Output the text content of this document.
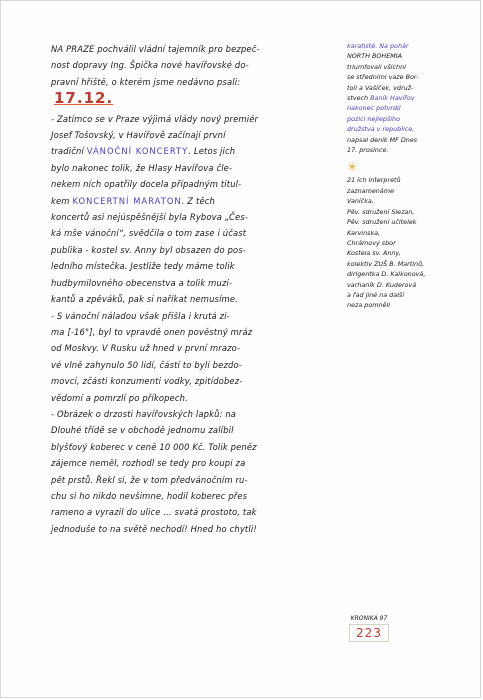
NA PRAZE pochválil vládní tajemník pro bezpeč-
nost dopravy Ing. Špička nové havířovské do-
pravní hřiště, o kterém jsme nedávno psali:
17.12.

- Zatímco se v Praze výjimá vlády nový premiér
Josef Tošovský, v Havířově začínají první
tradiční VÁNOČNÍ KONCERTY. Letos jich
bylo nakonec tolik, že Hlasy Havířova čle-
nekem ních opatřily docela případným titul-
kem KONCERTNÍ MARATON. Z těch
koncertů asi nejúspěšnější byla Rybova „Čes-
ká mše vánoční“, svědčila o tom zase i účast
publika - kostel sv. Anny byl obsazen do pos-
ledního místečka. Jestliže tedy máme tolik
hudbymilovného obecenstva a tolik muzi-
kantů a zpěváků, pak si naříkat nemusíme.

- S vánoční náladou však přišla i krutá zi-
ma [-16°], byl to vpravdě onen pověstný mráz
od Moskvy. V Rusku už hned v první mrazo-
vé vlně zahynulo 50 lidí, částí to byli bezdo-
movci, zčásti konzumenti vodky, zpitídobez-
vědomí a pomrzlí po příkopech.

- Obrázek o drzosti havířovských lapků: na
Dlouhé třídě se v obchodě jednomu zalíbil
blyšťový koberec v ceně 10 000 Kč. Tolik peněz
zájemce neměl, rozhodl se tedy pro koupi za
pět prstů. Řekl si, že v tom předvánočním ru-
chu si ho nikdo nevšimne, hodil koberec přes
rameno a vyrazil do ulice ... svatá prostoto, tak
jednoduše to na světě nechodí! Hned ho chytli!

karatisté. Na pohár
NORTH BOHEMIA
triumfovali všichni
se středními vaze Bor-
toli a Vašíček, vdruž-
stvech Baník Havířov
nakonec potvrdil
pozici nejlepšího
družstva v republice,
napsal deník MF Dnes
17. prosince.

✳

21 ích interpretů
zaznamenáme
Vaníčka,
Pěv. sdružení Slezan,
Pěv. sdružení učitelek
Karvinska,
Chrámový sbor
Kostela sv. Anny,
kolektiv ZUŠ B. Martinů,
dirigentka D. Kalkonová,
varhaník D. Kuderová
a řad jiné na další
neza pomněli

KRONIKA 97
223
